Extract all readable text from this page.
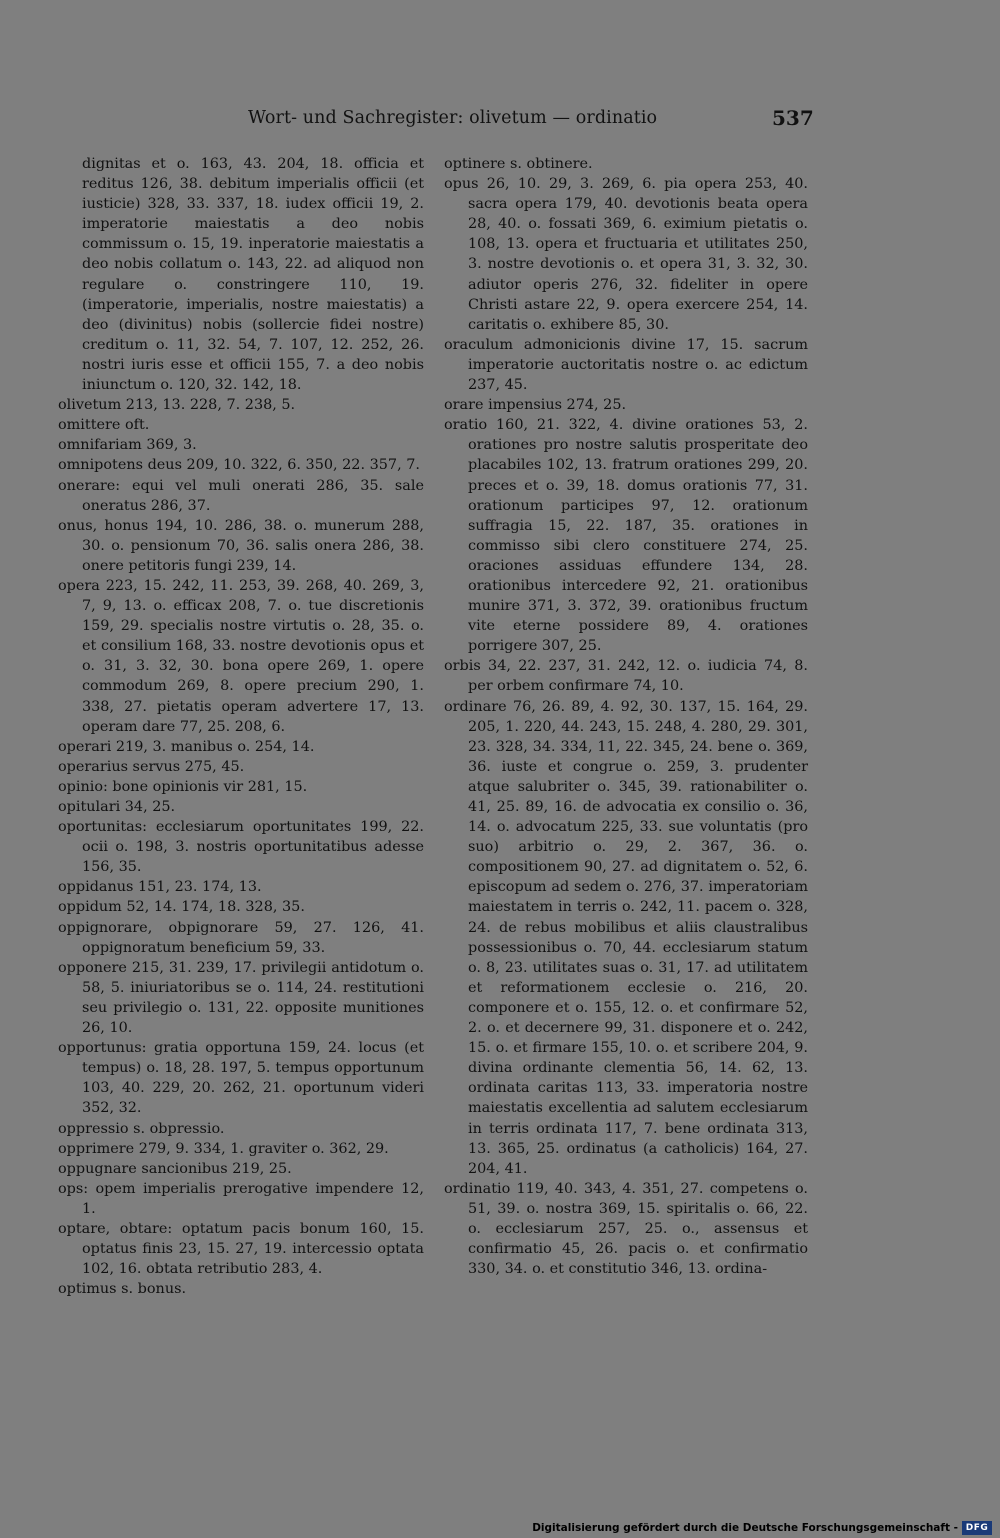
Wort- und Sachregister: olivetum — ordinatio	537

dignitas et o. 163, 43. 204, 18. officia et reditus 126, 38. debitum imperialis officii (et iusticie) 328, 33. 337, 18. iudex officii 19, 2. imperatorie maiestatis a deo nobis commissum o. 15, 19. inperatorie maiestatis a deo nobis collatum o. 143, 22. ad aliquod non regulare o. constringere 110, 19. (imperatorie, imperialis, nostre maiestatis) a deo (divinitus) nobis (sollercie fidei nostre) creditum o. 11, 32. 54, 7. 107, 12. 252, 26. nostri iuris esse et officii 155, 7. a deo nobis iniunctum o. 120, 32. 142, 18.

olivetum 213, 13. 228, 7. 238, 5.

omittere oft.

omnifariam 369, 3.

omnipotens deus 209, 10. 322, 6. 350, 22. 357, 7.

onerare: equi vel muli onerati 286, 35. sale oneratus 286, 37.

onus, honus 194, 10. 286, 38. o. munerum 288, 30. o. pensionum 70, 36. salis onera 286, 38. onere petitoris fungi 239, 14.

opera 223, 15. 242, 11. 253, 39. 268, 40. 269, 3, 7, 9, 13. o. efficax 208, 7. o. tue discretionis 159, 29. specialis nostre virtutis o. 28, 35. o. et consilium 168, 33. nostre devotionis opus et o. 31, 3. 32, 30. bona opere 269, 1. opere commodum 269, 8. opere precium 290, 1. 338, 27. pietatis operam advertere 17, 13. operam dare 77, 25. 208, 6.

operari 219, 3. manibus o. 254, 14.

operarius servus 275, 45.

opinio: bone opinionis vir 281, 15.

opitulari 34, 25.

oportunitas: ecclesiarum oportunitates 199, 22. ocii o. 198, 3. nostris oportunitatibus adesse 156, 35.

oppidanus 151, 23. 174, 13.

oppidum 52, 14. 174, 18. 328, 35.

oppignorare, obpignorare 59, 27. 126, 41. oppignoratum beneficium 59, 33.

opponere 215, 31. 239, 17. privilegii antidotum o. 58, 5. iniuriatoribus se o. 114, 24. restitutioni seu privilegio o. 131, 22. opposite munitiones 26, 10.

opportunus: gratia opportuna 159, 24. locus (et tempus) o. 18, 28. 197, 5. tempus opportunum 103, 40. 229, 20. 262, 21. oportunum videri 352, 32.

oppressio s. obpressio.

opprimere 279, 9. 334, 1. graviter o. 362, 29.

oppugnare sancionibus 219, 25.

ops: opem imperialis prerogative impendere 12, 1.

optare, obtare: optatum pacis bonum 160, 15. optatus finis 23, 15. 27, 19. intercessio optata 102, 16. obtata retributio 283, 4.

optimus s. bonus.

optinere s. obtinere.

opus 26, 10. 29, 3. 269, 6. pia opera 253, 40. sacra opera 179, 40. devotionis beata opera 28, 40. o. fossati 369, 6. eximium pietatis o. 108, 13. opera et fructuaria et utilitates 250, 3. nostre devotionis o. et opera 31, 3. 32, 30. adiutor operis 276, 32. fideliter in opere Christi astare 22, 9. opera exercere 254, 14. caritatis o. exhibere 85, 30.

oraculum admonicionis divine 17, 15. sacrum imperatorie auctoritatis nostre o. ac edictum 237, 45.

orare impensius 274, 25.

oratio 160, 21. 322, 4. divine orationes 53, 2. orationes pro nostre salutis prosperitate deo placabiles 102, 13. fratrum orationes 299, 20. preces et o. 39, 18. domus orationis 77, 31. orationum participes 97, 12. orationum suffragia 15, 22. 187, 35. orationes in commisso sibi clero constituere 274, 25. oraciones assiduas effundere 134, 28. orationibus intercedere 92, 21. orationibus munire 371, 3. 372, 39. orationibus fructum vite eterne possidere 89, 4. orationes porrigere 307, 25.

orbis 34, 22. 237, 31. 242, 12. o. iudicia 74, 8. per orbem confirmare 74, 10.

ordinare 76, 26. 89, 4. 92, 30. 137, 15. 164, 29. 205, 1. 220, 44. 243, 15. 248, 4. 280, 29. 301, 23. 328, 34. 334, 11, 22. 345, 24. bene o. 369, 36. iuste et congrue o. 259, 3. prudenter atque salubriter o. 345, 39. rationabiliter o. 41, 25. 89, 16. de advocatia ex consilio o. 36, 14. o. advocatum 225, 33. sue voluntatis (pro suo) arbitrio o. 29, 2. 367, 36. o. compositionem 90, 27. ad dignitatem o. 52, 6. episcopum ad sedem o. 276, 37. imperatoriam maiestatem in terris o. 242, 11. pacem o. 328, 24. de rebus mobilibus et aliis claustralibus possessionibus o. 70, 44. ecclesiarum statum o. 8, 23. utilitates suas o. 31, 17. ad utilitatem et reformationem ecclesie o. 216, 20. componere et o. 155, 12. o. et confirmare 52, 2. o. et decernere 99, 31. disponere et o. 242, 15. o. et firmare 155, 10. o. et scribere 204, 9. divina ordinante clementia 56, 14. 62, 13. ordinata caritas 113, 33. imperatoria nostre maiestatis excellentia ad salutem ecclesiarum in terris ordinata 117, 7. bene ordinata 313, 13. 365, 25. ordinatus (a catholicis) 164, 27. 204, 41.

ordinatio 119, 40. 343, 4. 351, 27. competens o. 51, 39. o. nostra 369, 15. spiritalis o. 66, 22. o. ecclesiarum 257, 25. o., assensus et confirmatio 45, 26. pacis o. et confirmatio 330, 34. o. et constitutio 346, 13. ordina-

Digitalisierung gefördert durch die Deutsche Forschungsgemeinschaft - DFG
